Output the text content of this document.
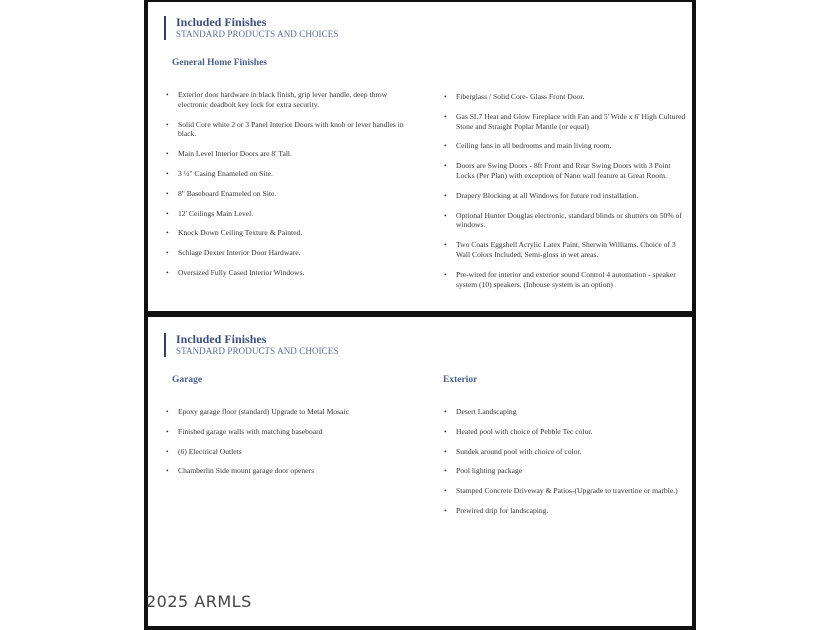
Included Finishes
STANDARD PRODUCTS AND CHOICES
General Home Finishes
• Exterior door hardware in black finish, grip lever handle, deep throw electronic deadbolt key lock for extra security.
• Solid Core white 2 or 3 Panel Interior Doors with knob or lever handles in black.
• Main Level Interior Doors are 8' Tall.
• 3 ½" Casing Enameled on Site.
• 8" Baseboard Enameled on Site.
• 12' Ceilings Main Level.
• Knock Down Ceiling Texture & Painted.
• Schlage Dexter Interior Door Hardware.
• Oversized Fully Cased Interior Windows.
• Fiberglass / Solid Core- Glass Front Door.
• Gas SL7 Heat and Glow Fireplace with Fan and 5' Wide x 6' High Cultured Stone and Straight Poplar Mantle (or equal)
• Ceiling fans in all bedrooms and main living room.
• Doors are Swing Doors - 8ft Front and Rear Swing Doors with 3 Point Locks (Per Plan) with exception of Nano wall feature at Great Room.
• Drapery Blocking at all Windows for future rod installation.
• Optional Hunter Douglas electronic, standard blinds or shutters on 50% of windows.
• Two Coats Eggshell Acrylic Latex Paint, Sherwin Williams. Choice of 3 Wall Colors Included, Semi-gloss in wet areas.
• Pre-wired for interior and exterior sound Control 4 automation - speaker system (10) speakers. (Inhouse system is an option)
Included Finishes
STANDARD PRODUCTS AND CHOICES
Garage
• Epoxy garage floor (standard) Upgrade to Metal Mosaic
• Finished garage walls with matching baseboard
• (6) Electrical Outlets
• Chamberlin Side mount garage door openers
Exterior
• Desert Landscaping
• Heated pool with choice of Pebble Tec color.
• Sundek around pool with choice of color.
• Pool lighting package
• Stamped Concrete Driveway & Patios-(Upgrade to travertine or marble.)
• Prewired drip for landscaping.
2025 ARMLS
